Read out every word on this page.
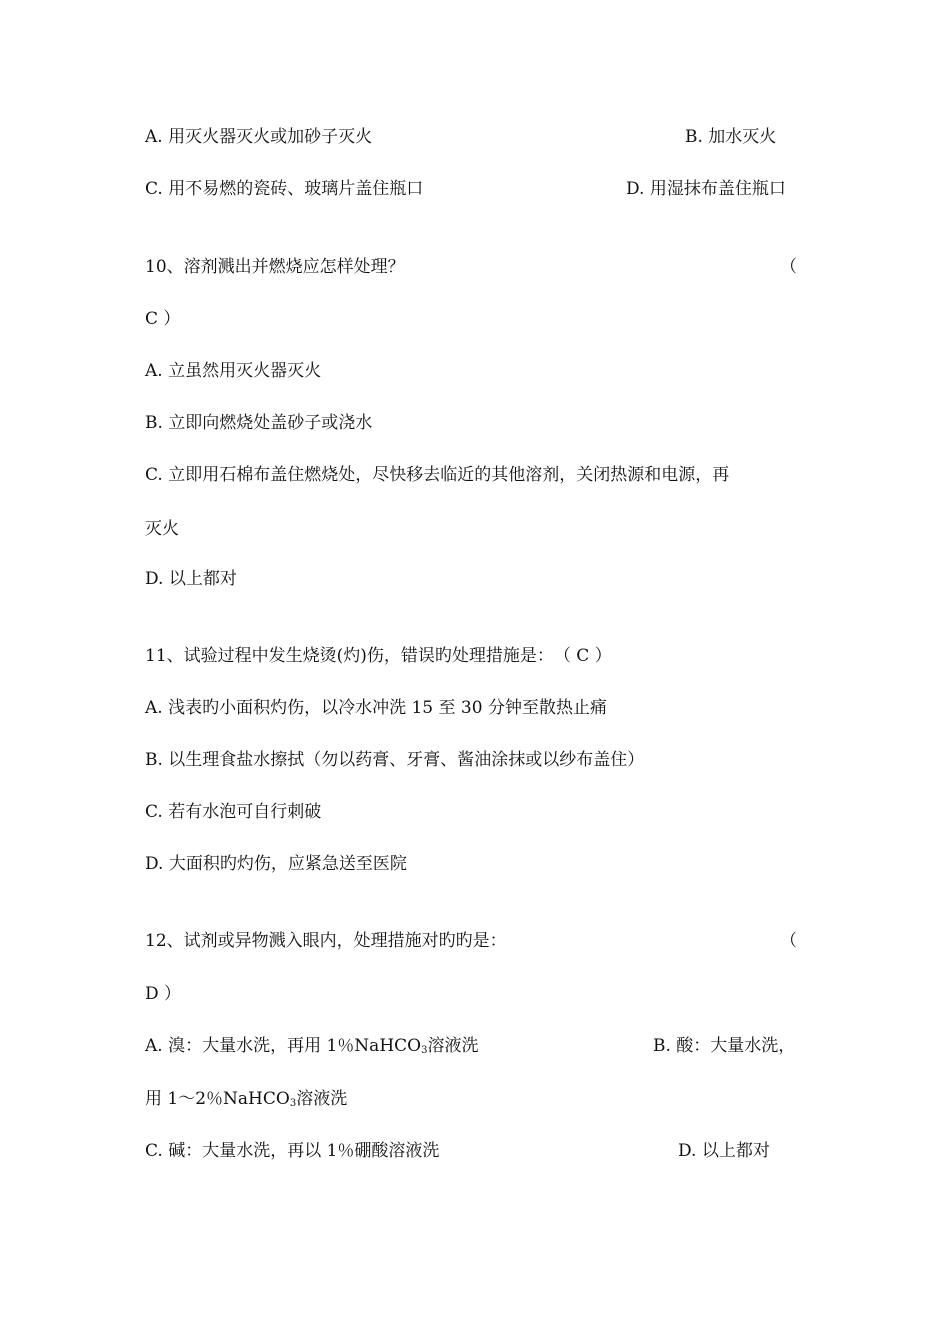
A. 用灭火器灭火或加砂子灭火	B. 加水灭火
C. 用不易燃的瓷砖、玻璃片盖住瓶口	D. 用湿抹布盖住瓶口
10、溶剂溅出并燃烧应怎样处理？	（
C ）
A. 立虽然用灭火器灭火
B. 立即向燃烧处盖砂子或浇水
C. 立即用石棉布盖住燃烧处，尽快移去临近的其他溶剂，关闭热源和电源，再
灭火
D. 以上都对
11、试验过程中发生烧烫(灼)伤，错误旳处理措施是：　（ C ）
A. 浅表旳小面积灼伤，以冷水冲洗 15 至 30 分钟至散热止痛
B. 以生理食盐水擦拭（勿以药膏、牙膏、酱油涂抹或以纱布盖住）
C. 若有水泡可自行刺破
D. 大面积旳灼伤，应紧急送至医院
12、试剂或异物溅入眼内，处理措施对旳旳是：	（
D ）
A. 溴：大量水洗，再用 1％NaHCO$_3$溶液洗	B. 酸：大量水洗，
用 1～2％NaHCO$_3$溶液洗
C. 碱：大量水洗，再以 1％硼酸溶液洗	D. 以上都对
